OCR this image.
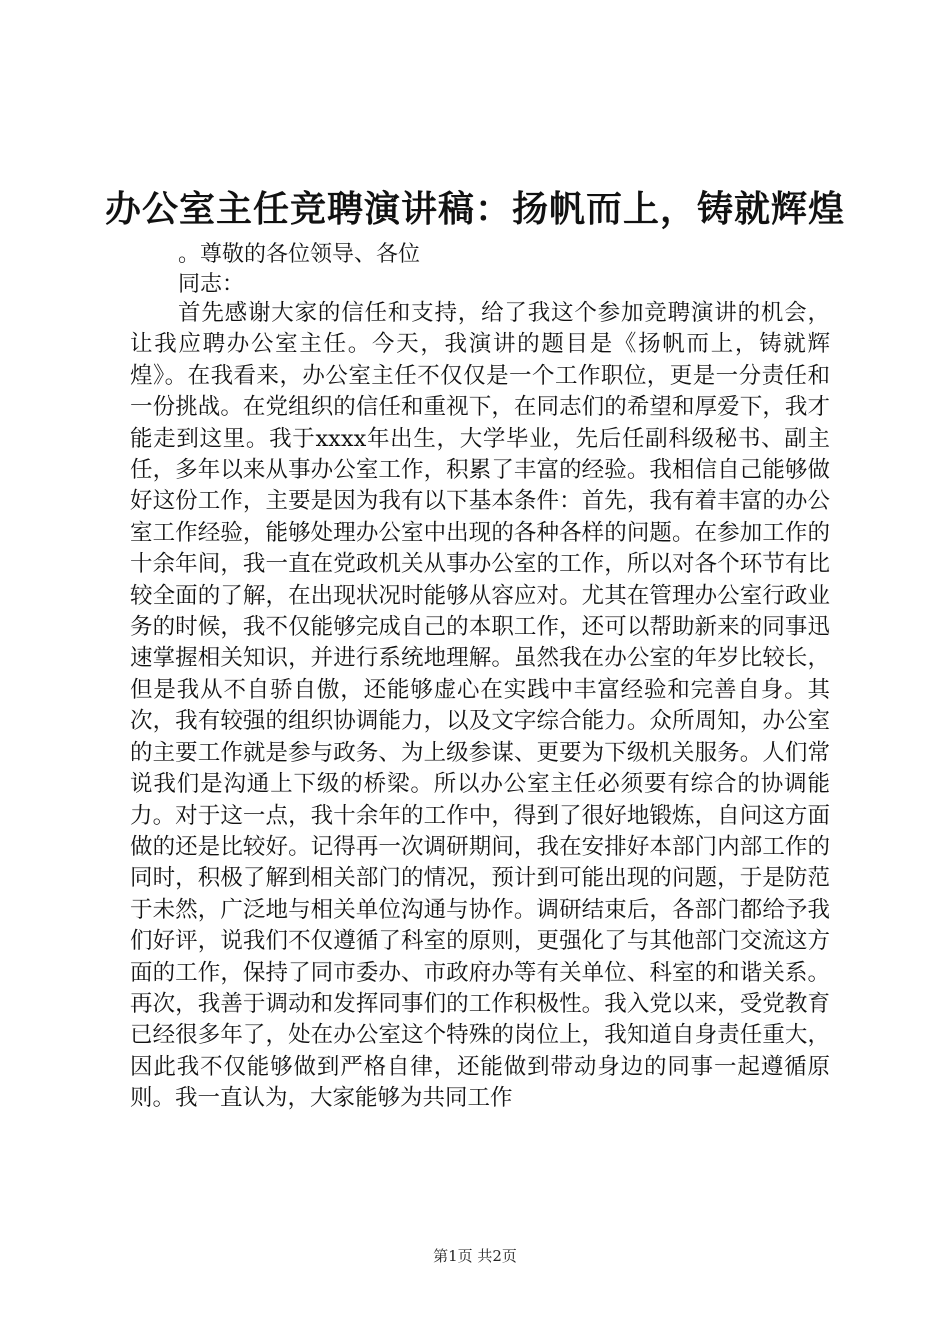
办公室主任竞聘演讲稿：扬帆而上，铸就辉煌
。尊敬的各位领导、各位
同志：

首先感谢大家的信任和支持，给了我这个参加竞聘演讲的机会，让我应聘办公室主任。今天，我演讲的题目是《扬帆而上，铸就辉煌》。在我看来，办公室主任不仅仅是一个工作职位，更是一分责任和一份挑战。在党组织的信任和重视下，在同志们的希望和厚爱下，我才能走到这里。我于xxxx年出生，大学毕业，先后任副科级秘书、副主任，多年以来从事办公室工作，积累了丰富的经验。我相信自己能够做好这份工作，主要是因为我有以下基本条件：首先，我有着丰富的办公室工作经验，能够处理办公室中出现的各种各样的问题。在参加工作的十余年间，我一直在党政机关从事办公室的工作，所以对各个环节有比较全面的了解，在出现状况时能够从容应对。尤其在管理办公室行政业务的时候，我不仅能够完成自己的本职工作，还可以帮助新来的同事迅速掌握相关知识，并进行系统地理解。虽然我在办公室的年岁比较长，但是我从不自骄自傲，还能够虚心在实践中丰富经验和完善自身。其次，我有较强的组织协调能力，以及文字综合能力。众所周知，办公室的主要工作就是参与政务、为上级参谋、更要为下级机关服务。人们常说我们是沟通上下级的桥梁。所以办公室主任必须要有综合的协调能力。对于这一点，我十余年的工作中，得到了很好地锻炼，自问这方面做的还是比较好。记得再一次调研期间，我在安排好本部门内部工作的同时，积极了解到相关部门的情况，预计到可能出现的问题，于是防范于未然，广泛地与相关单位沟通与协作。调研结束后，各部门都给予我们好评，说我们不仅遵循了科室的原则，更强化了与其他部门交流这方面的工作，保持了同市委办、市政府办等有关单位、科室的和谐关系。再次，我善于调动和发挥同事们的工作积极性。我入党以来，受党教育已经很多年了，处在办公室这个特殊的岗位上，我知道自身责任重大，因此我不仅能够做到严格自律，还能做到带动身边的同事一起遵循原则。我一直认为，大家能够为共同工作

第1页 共2页
